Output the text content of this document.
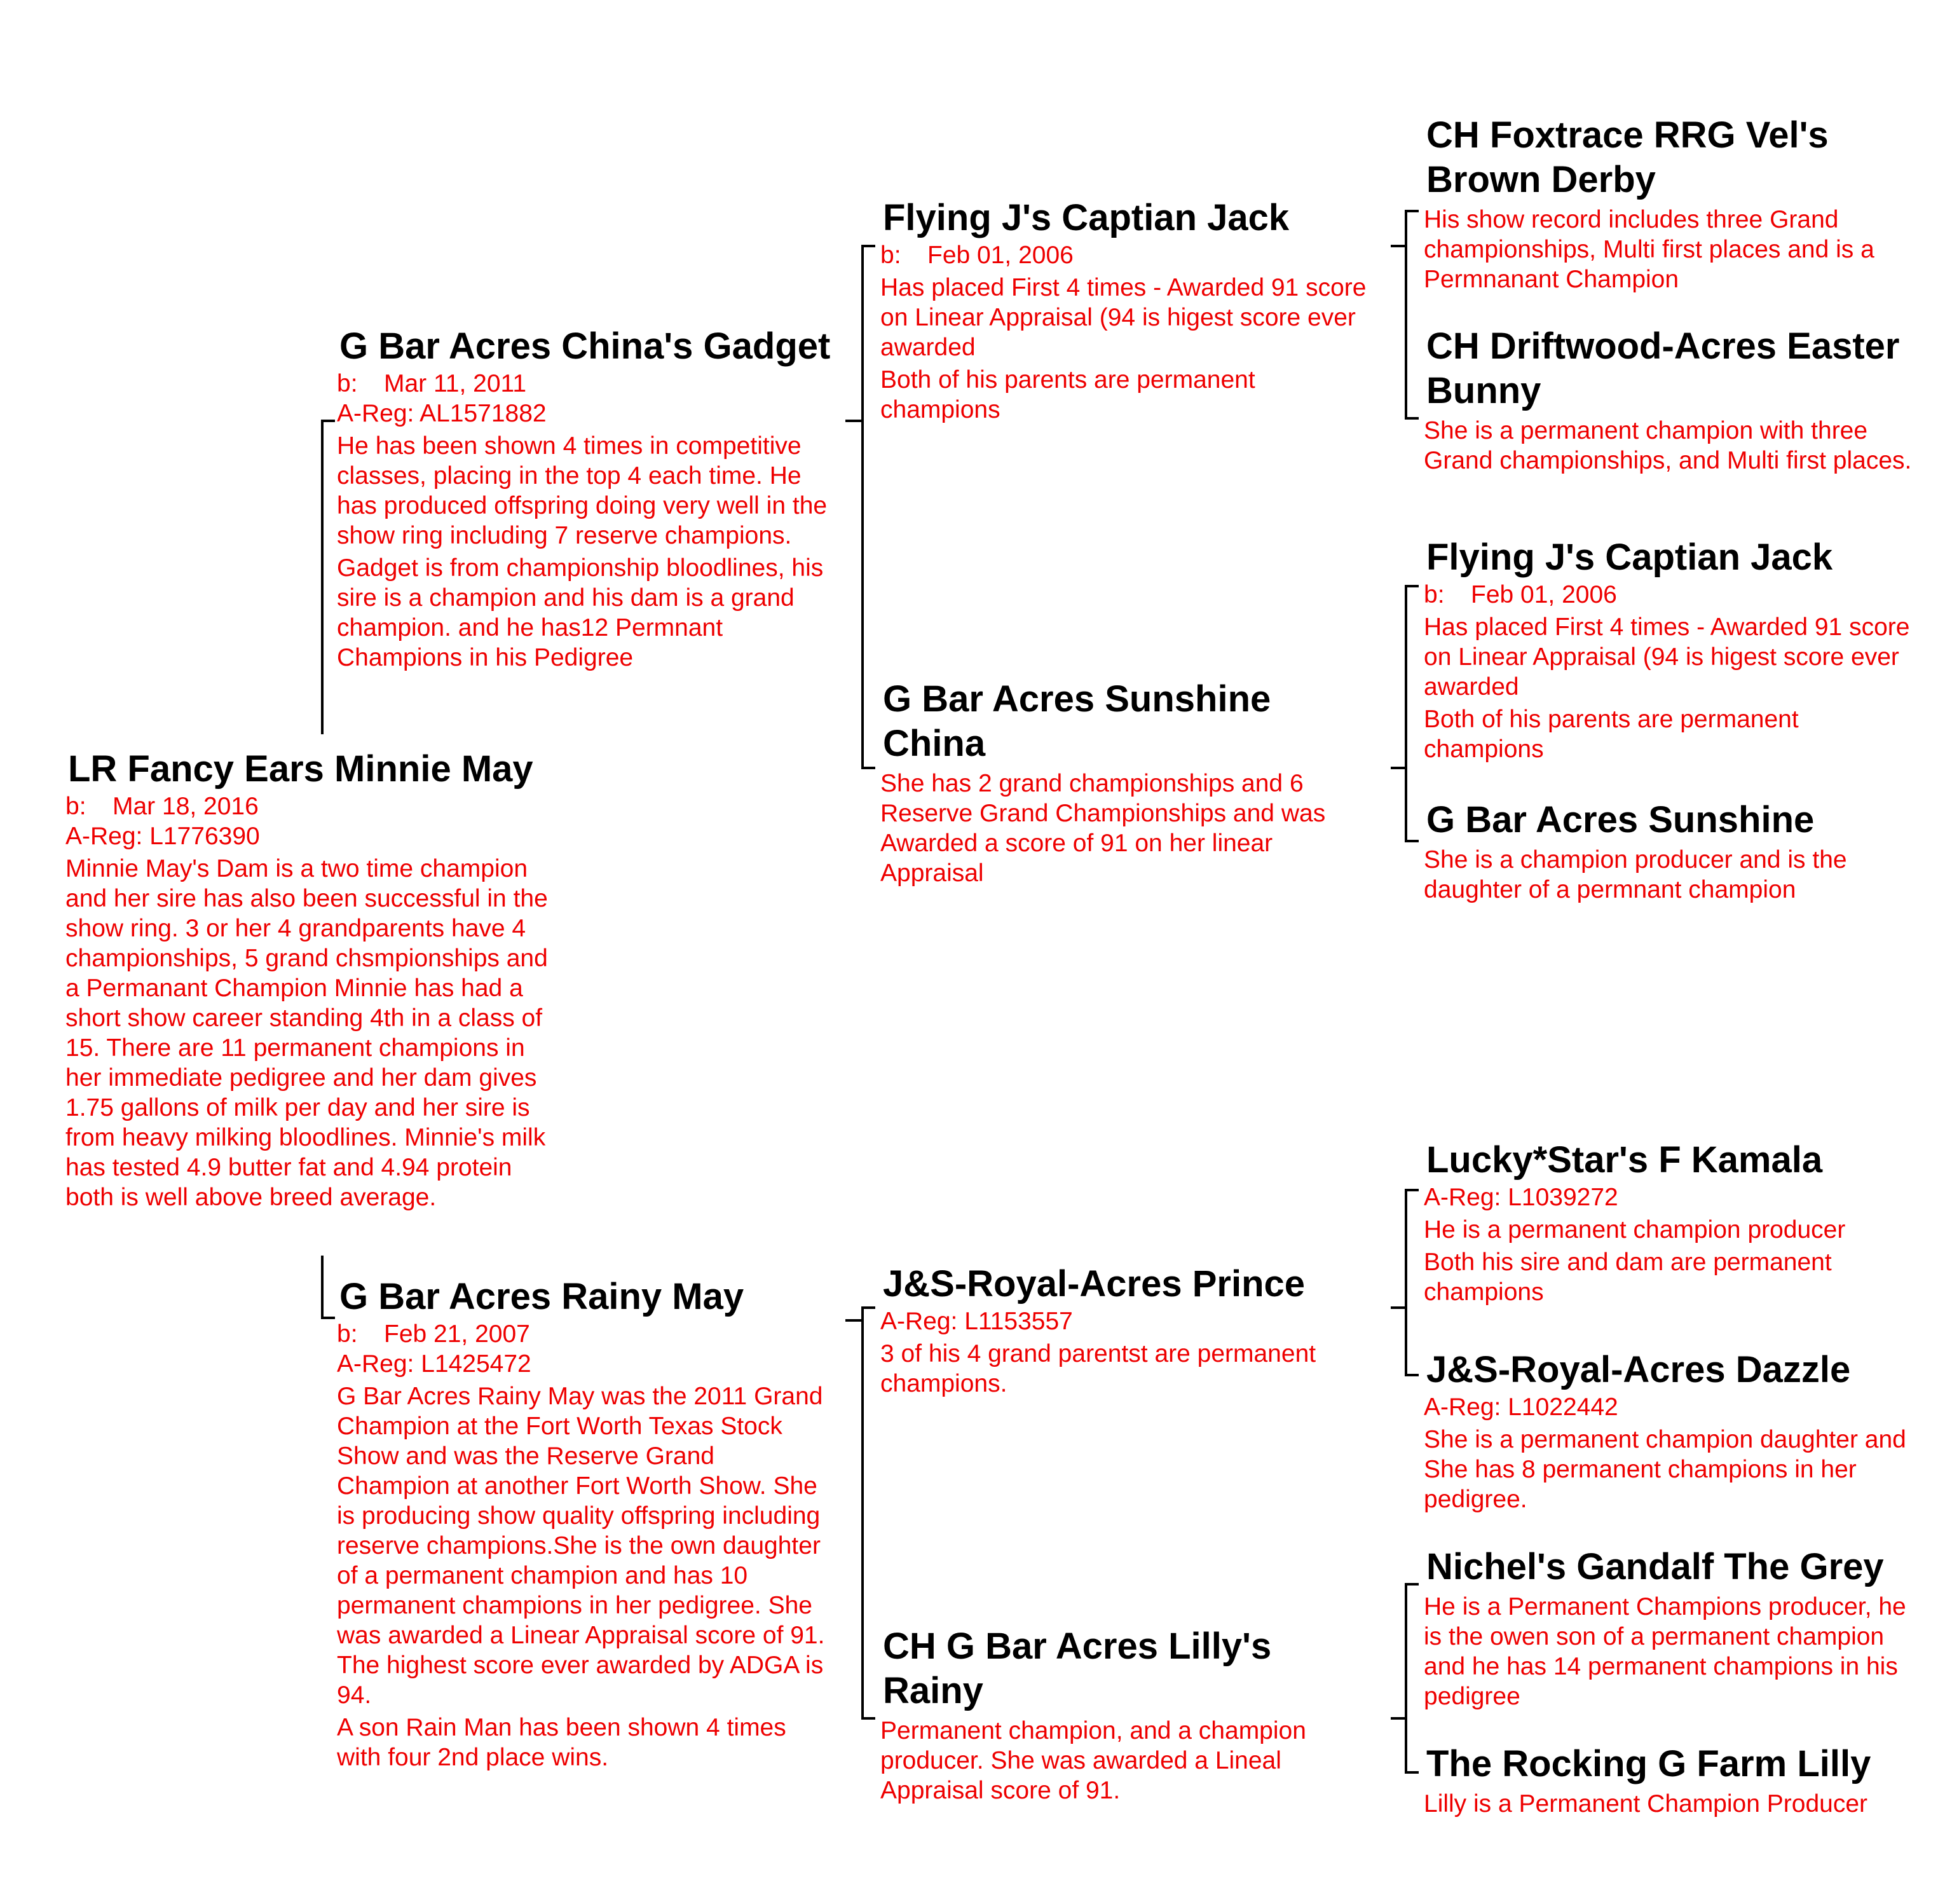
LR Fancy Ears Minnie May
b: Mar 18, 2016
A-Reg: L1776390
Minnie May's Dam is a two time champion and her sire has also been successful in the show ring. 3 or her 4 grandparents have 4 championships, 5 grand chsmpionships and a Permanant Champion Minnie has had a short show career standing 4th in a class of 15. There are 11 permanent champions in her immediate pedigree and her dam gives 1.75 gallons of milk per day and her sire is from heavy milking bloodlines. Minnie's milk has tested 4.9 butter fat and 4.94 protein both is well above breed average.
G Bar Acres China's Gadget
b: Mar 11, 2011
A-Reg: AL1571882
He has been shown 4 times in competitive classes, placing in the top 4 each time. He has produced offspring doing very well in the show ring including 7 reserve champions.
Gadget is from championship bloodlines, his sire is a champion and his dam is a grand champion. and he has12 Permnant Champions in his Pedigree
G Bar Acres Rainy May
b: Feb 21, 2007
A-Reg: L1425472
G Bar Acres Rainy May was the 2011 Grand Champion at the Fort Worth Texas Stock Show and was the Reserve Grand Champion at another Fort Worth Show. She is producing show quality offspring including reserve champions.She is the own daughter of a permanent champion and has 10 permanent champions in her pedigree. She was awarded a Linear Appraisal score of 91. The highest score ever awarded by ADGA is 94.
A son Rain Man has been shown 4 times with four 2nd place wins.
Flying J's Captian Jack
b: Feb 01, 2006
Has placed First 4 times - Awarded 91 score on Linear Appraisal (94 is higest score ever awarded
Both of his parents are permanent champions
G Bar Acres Sunshine China
She has 2 grand championships and 6 Reserve Grand Championships and was Awarded a score of 91 on her linear Appraisal
J&S-Royal-Acres Prince
A-Reg: L1153557
3 of his 4 grand parentst are permanent champions.
CH G Bar Acres Lilly's Rainy
Permanent champion, and a champion producer. She was awarded a Lineal Appraisal score of 91.
CH Foxtrace RRG Vel's Brown Derby
His show record includes three Grand championships, Multi first places and is a Permnanant Champion
CH Driftwood-Acres Easter Bunny
She is a permanent champion with three Grand championships, and Multi first places.
Flying J's Captian Jack
b: Feb 01, 2006
Has placed First 4 times - Awarded 91 score on Linear Appraisal (94 is higest score ever awarded
Both of his parents are permanent champions
G Bar Acres Sunshine
She is a champion producer and is the daughter of a permnant champion
Lucky*Star's F Kamala
A-Reg: L1039272
He is a permanent champion producer
Both his sire and dam are permanent champions
J&S-Royal-Acres Dazzle
A-Reg: L1022442
She is a permanent champion daughter and She has 8 permanent champions in her pedigree.
Nichel's Gandalf The Grey
He is a Permanent Champions producer, he is the owen son of a permanent champion and he has 14 permanent champions in his pedigree
The Rocking G Farm Lilly
Lilly is a Permanent Champion Producer
